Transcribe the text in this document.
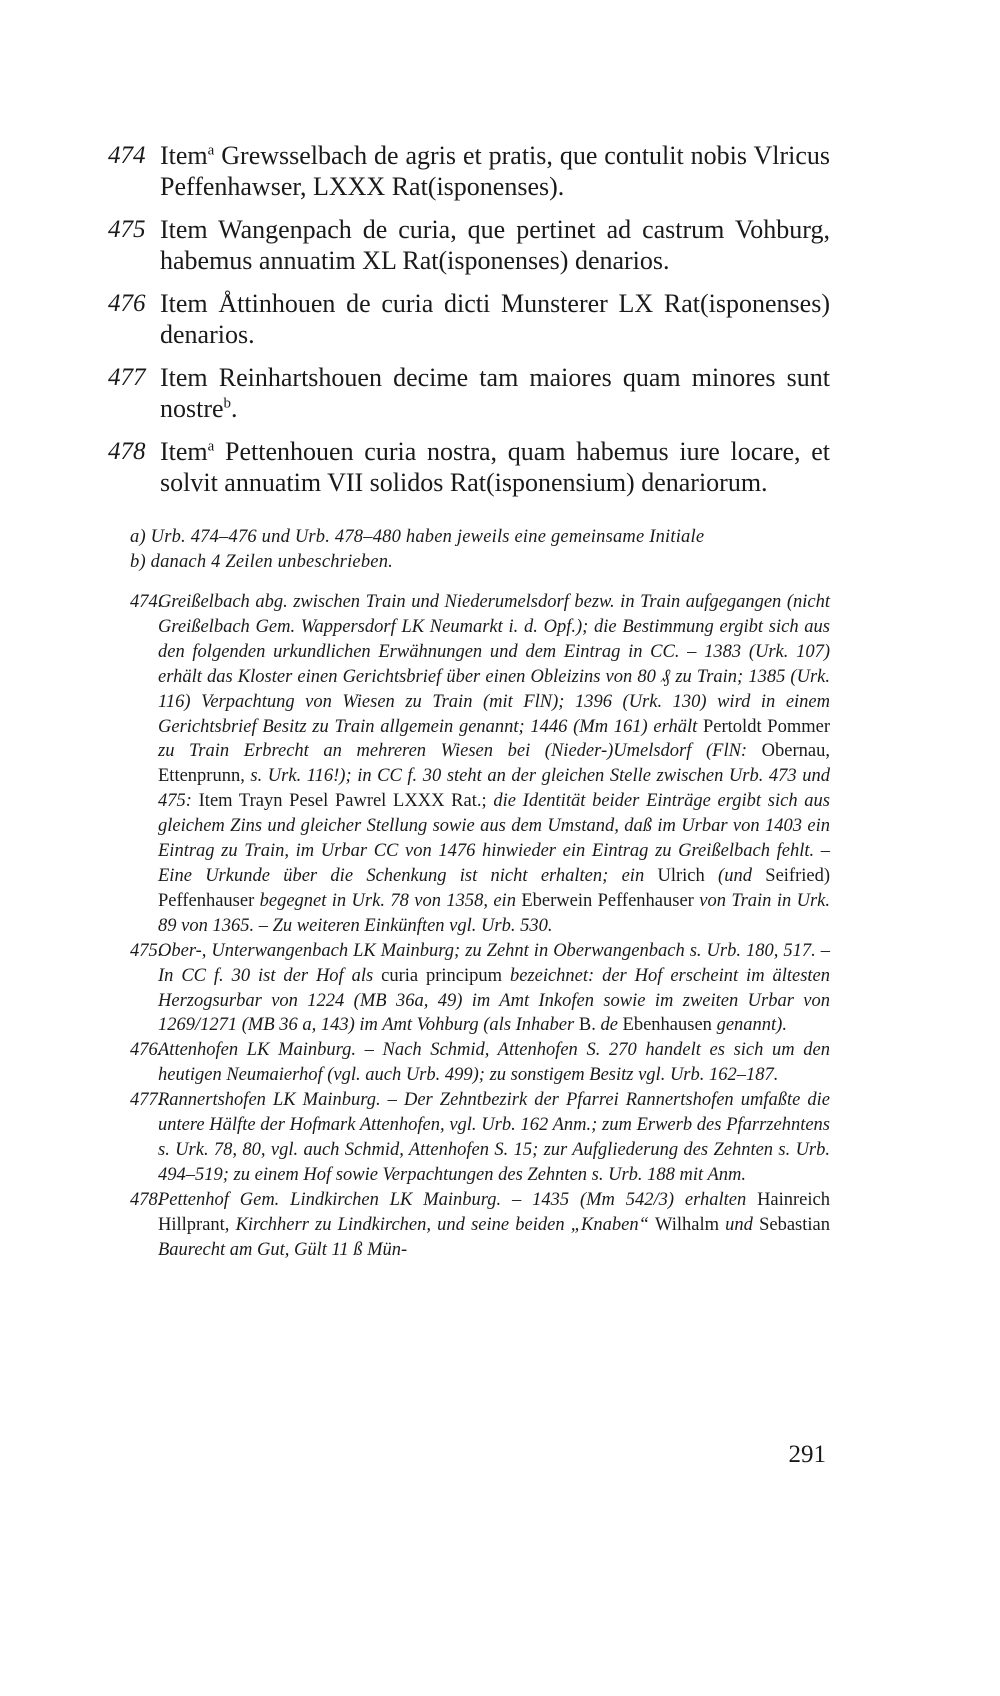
474 Item$^a$ Grewsselbach de agris et pratis, que contulit nobis Vlricus Peffenhawser, LXXX Rat(isponenses).
475 Item Wangenpach de curia, que pertinet ad castrum Vohburg, habemus annuatim XL Rat(isponenses) denarios.
476 Item Åttinhouen de curia dicti Munsterer LX Rat(isponenses) denarios.
477 Item Reinhartshouen decime tam maiores quam minores sunt nostre$^b$.
478 Item$^a$ Pettenhouen curia nostra, quam habemus iure locare, et solvit annuatim VII solidos Rat(isponensium) denariorum.
a) Urb. 474–476 und Urb. 478–480 haben jeweils eine gemeinsame Initiale
b) danach 4 Zeilen unbeschrieben.
474.
Greißelbach abg. zwischen Train und Niederumelsdorf bezw. in Train aufgegangen (nicht Greißelbach Gem. Wappersdorf LK Neumarkt i. d. Opf.); die Bestimmung ergibt sich aus den folgenden urkundlichen Erwähnungen und dem Eintrag in CC. – 1383 (Urk. 107) erhält das Kloster einen Gerichtsbrief über einen Obleizins von 80 ₰ zu Train; 1385 (Urk. 116) Verpachtung von Wiesen zu Train (mit FlN); 1396 (Urk. 130) wird in einem Gerichtsbrief Besitz zu Train allgemein genannt; 1446 (Mm 161) erhält Pertoldt Pommer zu Train Erbrecht an mehreren Wiesen bei (Nieder-)Umelsdorf (FlN: Obernau, Ettenprunn, s. Urk. 116!); in CC f. 30 steht an der gleichen Stelle zwischen Urb. 473 und 475: Item Trayn Pesel Pawrel LXXX Rat.; die Identität beider Einträge ergibt sich aus gleichem Zins und gleicher Stellung sowie aus dem Umstand, daß im Urbar von 1403 ein Eintrag zu Train, im Urbar CC von 1476 hinwieder ein Eintrag zu Greißelbach fehlt. – Eine Urkunde über die Schenkung ist nicht erhalten; ein Ulrich (und Seifried) Peffenhauser begegnet in Urk. 78 von 1358, ein Eberwein Peffenhauser von Train in Urk. 89 von 1365. – Zu weiteren Einkünften vgl. Urb. 530.
475.
Ober-, Unterwangenbach LK Mainburg; zu Zehnt in Oberwangenbach s. Urb. 180, 517. – In CC f. 30 ist der Hof als curia principum bezeichnet: der Hof erscheint im ältesten Herzogsurbar von 1224 (MB 36a, 49) im Amt Inkofen sowie im zweiten Urbar von 1269/1271 (MB 36 a, 143) im Amt Vohburg (als Inhaber B. de Ebenhausen genannt).
476.
Attenhofen LK Mainburg. – Nach Schmid, Attenhofen S. 270 handelt es sich um den heutigen Neumaierhof (vgl. auch Urb. 499); zu sonstigem Besitz vgl. Urb. 162–187.
477.
Rannertshofen LK Mainburg. – Der Zehntbezirk der Pfarrei Rannertshofen umfaßte die untere Hälfte der Hofmark Attenhofen, vgl. Urb. 162 Anm.; zum Erwerb des Pfarrzehntens s. Urk. 78, 80, vgl. auch Schmid, Attenhofen S. 15; zur Aufgliederung des Zehnten s. Urb. 494–519; zu einem Hof sowie Verpachtungen des Zehnten s. Urb. 188 mit Anm.
478.
Pettenhof Gem. Lindkirchen LK Mainburg. – 1435 (Mm 542/3) erhalten Hainreich Hillprant, Kirchherr zu Lindkirchen, und seine beiden „Knaben“ Wilhalm und Sebastian Baurecht am Gut, Gült 11 ß Mün-
291
